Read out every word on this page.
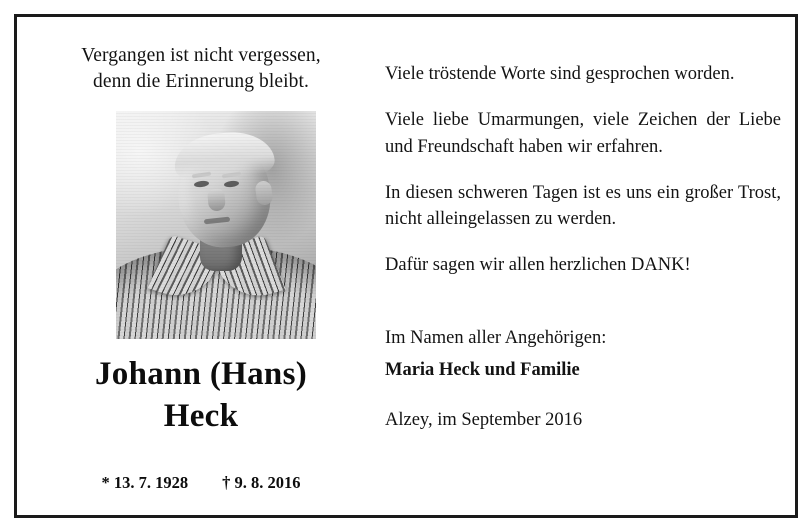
Vergangen ist nicht vergessen,
denn die Erinnerung bleibt.
Johann (Hans)
Heck
* 13. 7. 1928 † 9. 8. 2016

Viele tröstende Worte sind gesprochen worden.

Viele liebe Umarmungen, viele Zeichen der Liebe und Freundschaft haben wir erfahren.

In diesen schweren Tagen ist es uns ein großer Trost, nicht alleingelassen zu werden.

Dafür sagen wir allen herzlichen DANK!

Im Namen aller Angehörigen:
Maria Heck und Familie
Alzey, im September 2016
